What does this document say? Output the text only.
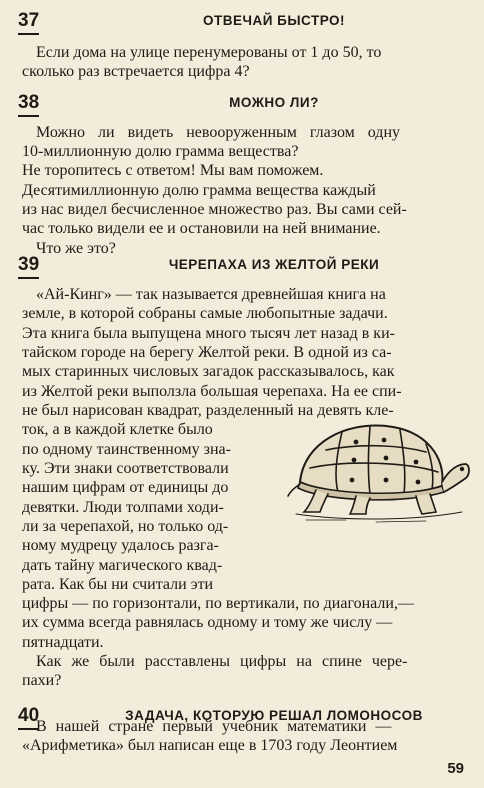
37	ОТВЕЧАЙ БЫСТРО!
Если дома на улице перенумерованы от 1 до 50, то
сколько раз встречается цифра 4?
38	МОЖНО ЛИ?
Можно ли видеть невооруженным глазом одну
10-миллионную долю грамма вещества?
Не торопитесь с ответом! Мы вам поможем.
Десятимиллионную долю грамма вещества каждый
из нас видел бесчисленное множество раз. Вы сами сей-
час только видели ее и остановили на ней внимание.
Что же это?
39	ЧЕРЕПАХА ИЗ ЖЕЛТОЙ РЕКИ
«Ай-Кинг» — так называется древнейшая книга на
земле, в которой собраны самые любопытные задачи.
Эта книга была выпущена много тысяч лет назад в ки-
тайском городе на берегу Желтой реки. В одной из са-
мых старинных числовых загадок рассказывалось, как
из Желтой реки выползла большая черепаха. На ее спи-
не был нарисован квадрат, разделенный на девять кле-
ток, а в каждой клетке было
по одному таинственному зна-
ку. Эти знаки соответствовали
нашим цифрам от единицы до
девятки. Люди толпами ходи-
ли за черепахой, но только од-
ному мудрецу удалось разга-
дать тайну магического квад-
рата. Как бы ни считали эти
цифры — по горизонтали, по вертикали, по диагонали,—
их сумма всегда равнялась одному и тому же числу —
пятнадцати.
Как же были расставлены цифры на спине чере-
пахи?
40	ЗАДАЧА, КОТОРУЮ РЕШАЛ ЛОМОНОСОВ
В нашей стране первый учебник математики —
«Арифметика» был написан еще в 1703 году Леонтием
59
